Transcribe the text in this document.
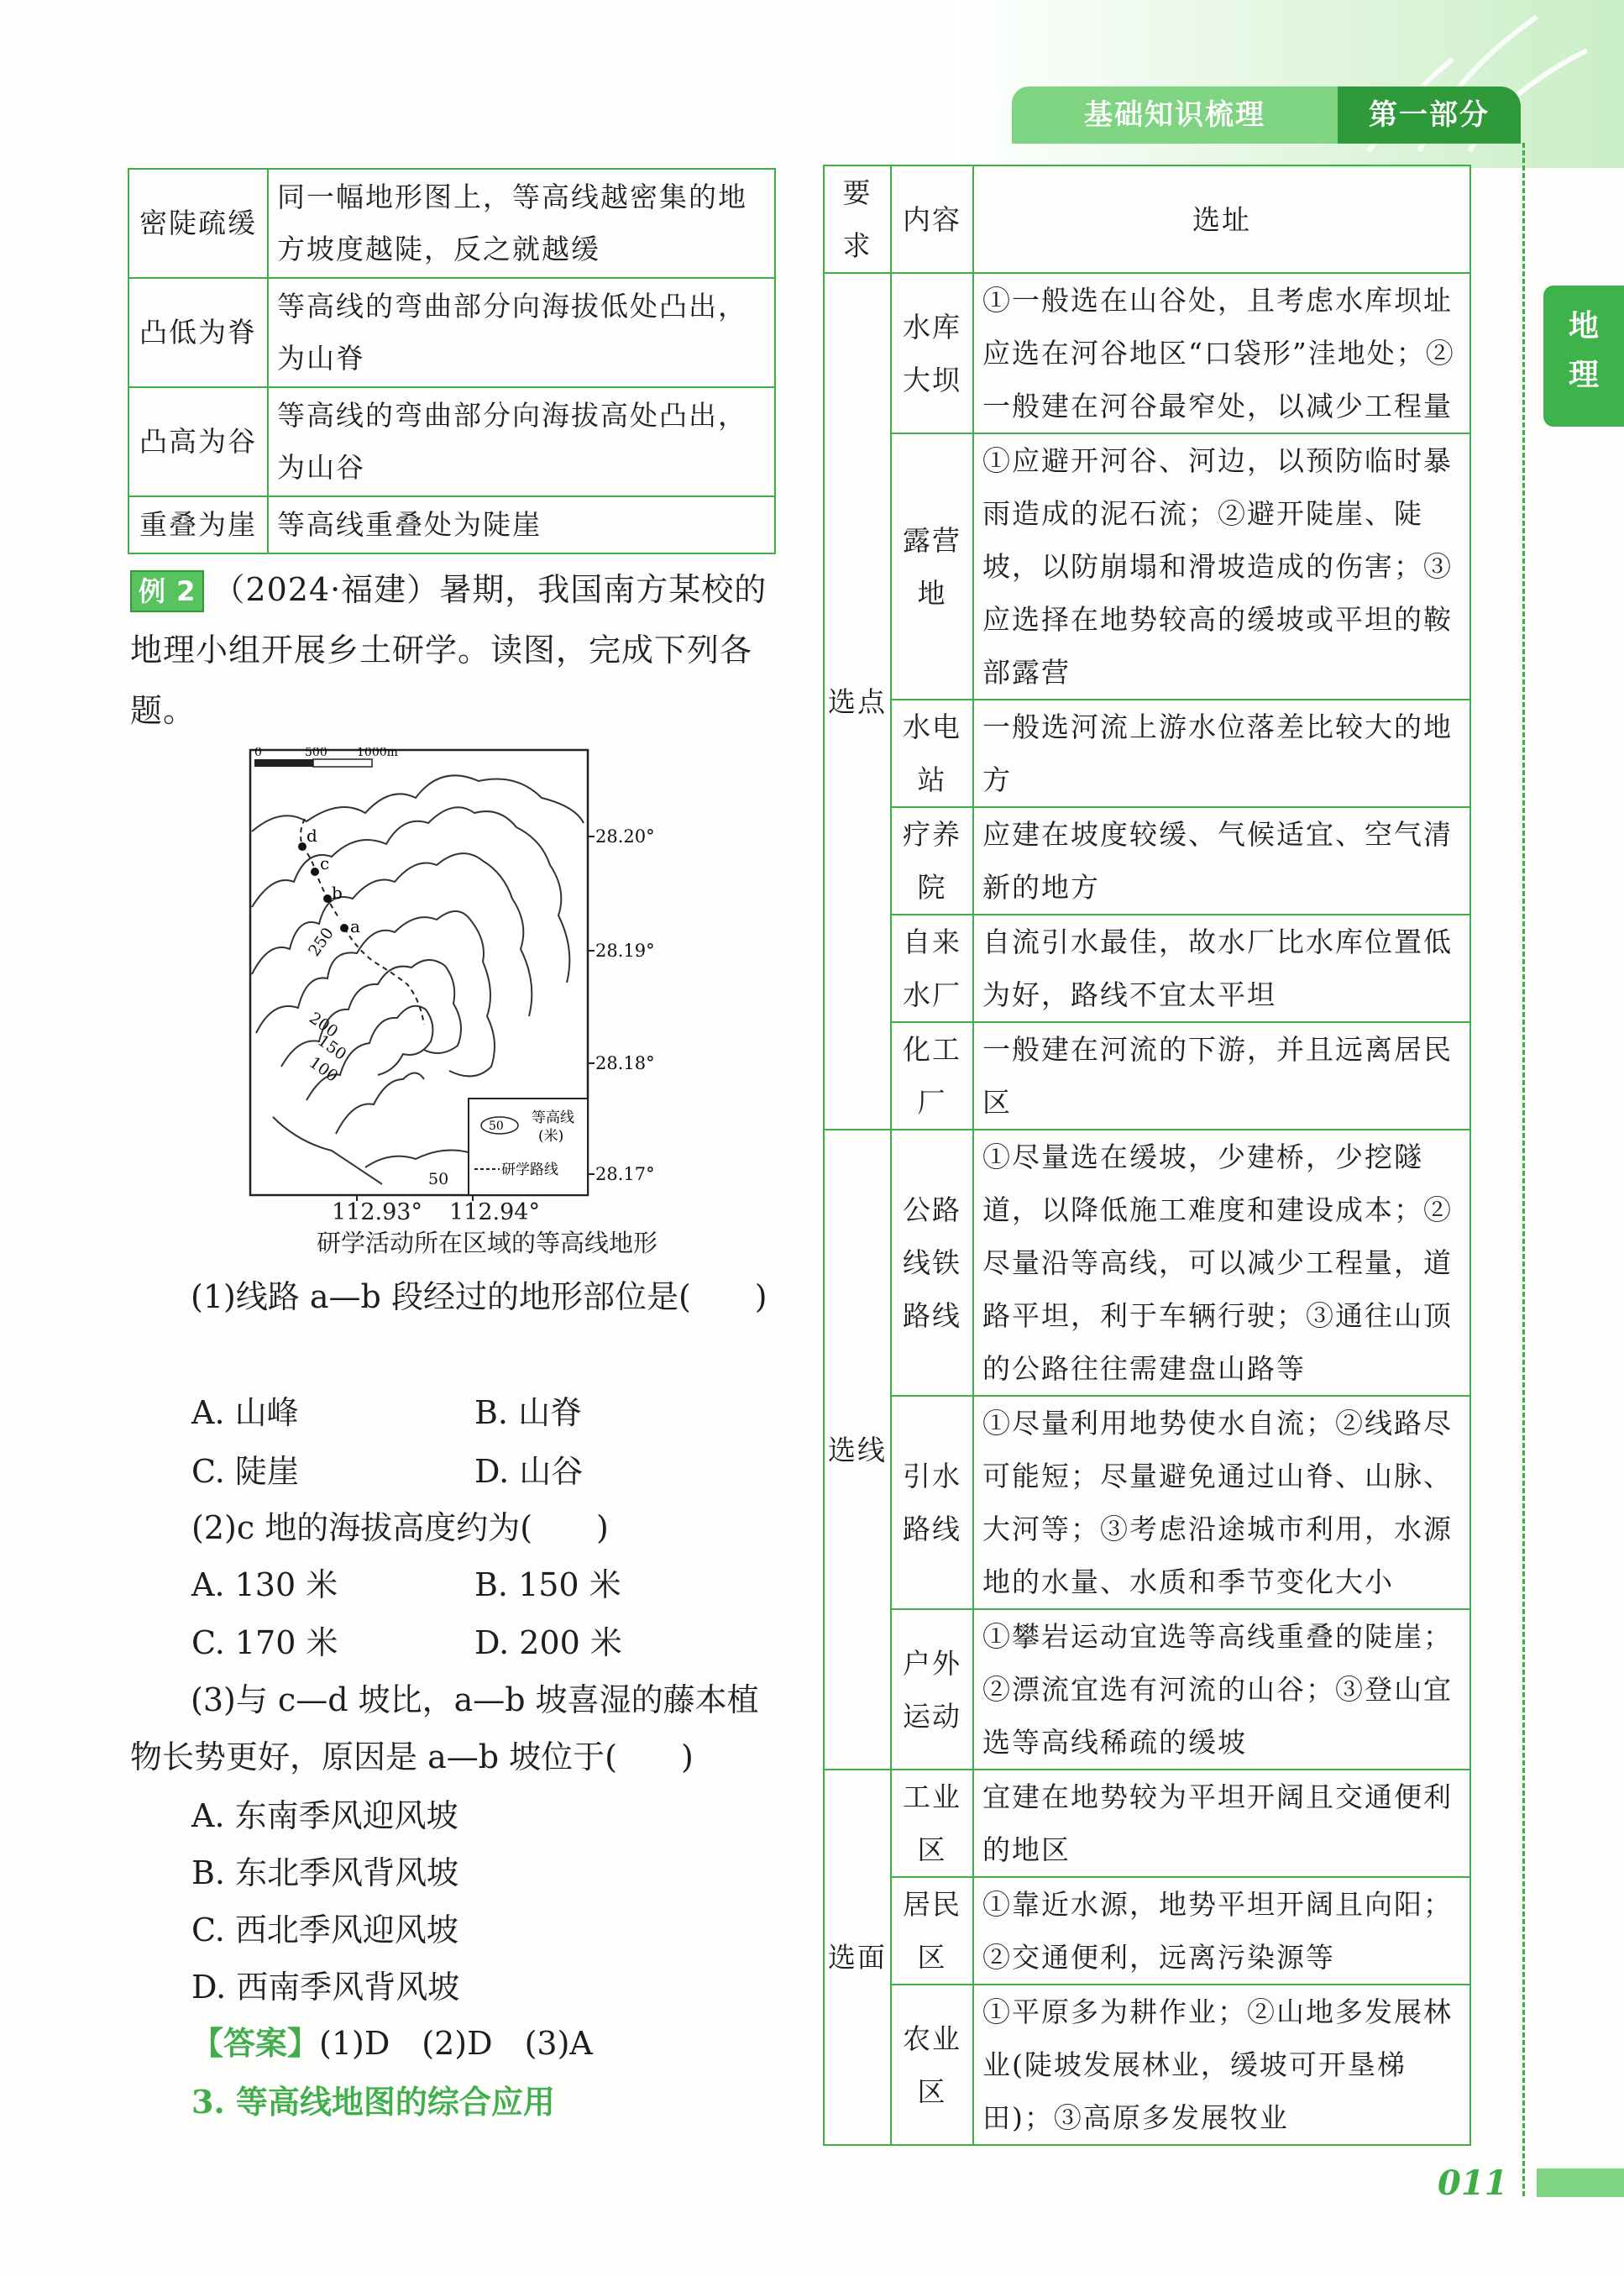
基础知识梳理	第一部分
地
理
密陡疏缓	同一幅地形图上，等高线越密集的地方坡度越陡，反之就越缓
凸低为脊	等高线的弯曲部分向海拔低处凸出，为山脊
凸高为谷	等高线的弯曲部分向海拔高处凸出，为山谷
重叠为崖	等高线重叠处为陡崖
例 2 （2024·福建）暑期，我国南方某校的地理小组开展乡土研学。读图，完成下列各题。
0	500	1000m
d
c
b
a
250
200
150
100
50
50 等高线
(米)
研学路线
28.20°
28.19°
28.18°
28.17°
112.93° 112.94°
研学活动所在区域的等高线地形
(1)线路 a—b 段经过的地形部位是(　　)
A. 山峰	B. 山脊
C. 陡崖	D. 山谷
(2)c 地的海拔高度约为(　　)
A. 130 米	B. 150 米
C. 170 米	D. 200 米
(3)与 c—d 坡比，a—b 坡喜湿的藤本植物长势更好，原因是 a—b 坡位于(　　)
A. 东南季风迎风坡
B. 东北季风背风坡
C. 西北季风迎风坡
D. 西南季风背风坡
【答案】(1)D　(2)D　(3)A
3. 等高线地图的综合应用
要求	内容	选址
选点	水库大坝	①一般选在山谷处，且考虑水库坝址应选在河谷地区“口袋形”洼地处；②一般建在河谷最窄处，以减少工程量
	露营地	①应避开河谷、河边，以预防临时暴雨造成的泥石流；②避开陡崖、陡坡，以防崩塌和滑坡造成的伤害；③应选择在地势较高的缓坡或平坦的鞍部露营
	水电站	一般选河流上游水位落差比较大的地方
	疗养院	应建在坡度较缓、气候适宜、空气清新的地方
	自来水厂	自流引水最佳，故水厂比水库位置低为好，路线不宜太平坦
	化工厂	一般建在河流的下游，并且远离居民区
选线	公路线铁路线	①尽量选在缓坡，少建桥，少挖隧道，以降低施工难度和建设成本；②尽量沿等高线，可以减少工程量，道路平坦，利于车辆行驶；③通往山顶的公路往往需建盘山路等
	引水路线	①尽量利用地势使水自流；②线路尽可能短；尽量避免通过山脊、山脉、大河等；③考虑沿途城市利用，水源地的水量、水质和季节变化大小
	户外运动	①攀岩运动宜选等高线重叠的陡崖；②漂流宜选有河流的山谷；③登山宜选等高线稀疏的缓坡
选面	工业区	宜建在地势较为平坦开阔且交通便利的地区
	居民区	①靠近水源，地势平坦开阔且向阳；②交通便利，远离污染源等
	农业区	①平原多为耕作业；②山地多发展林业(陡坡发展林业，缓坡可开垦梯田)；③高原多发展牧业
011
